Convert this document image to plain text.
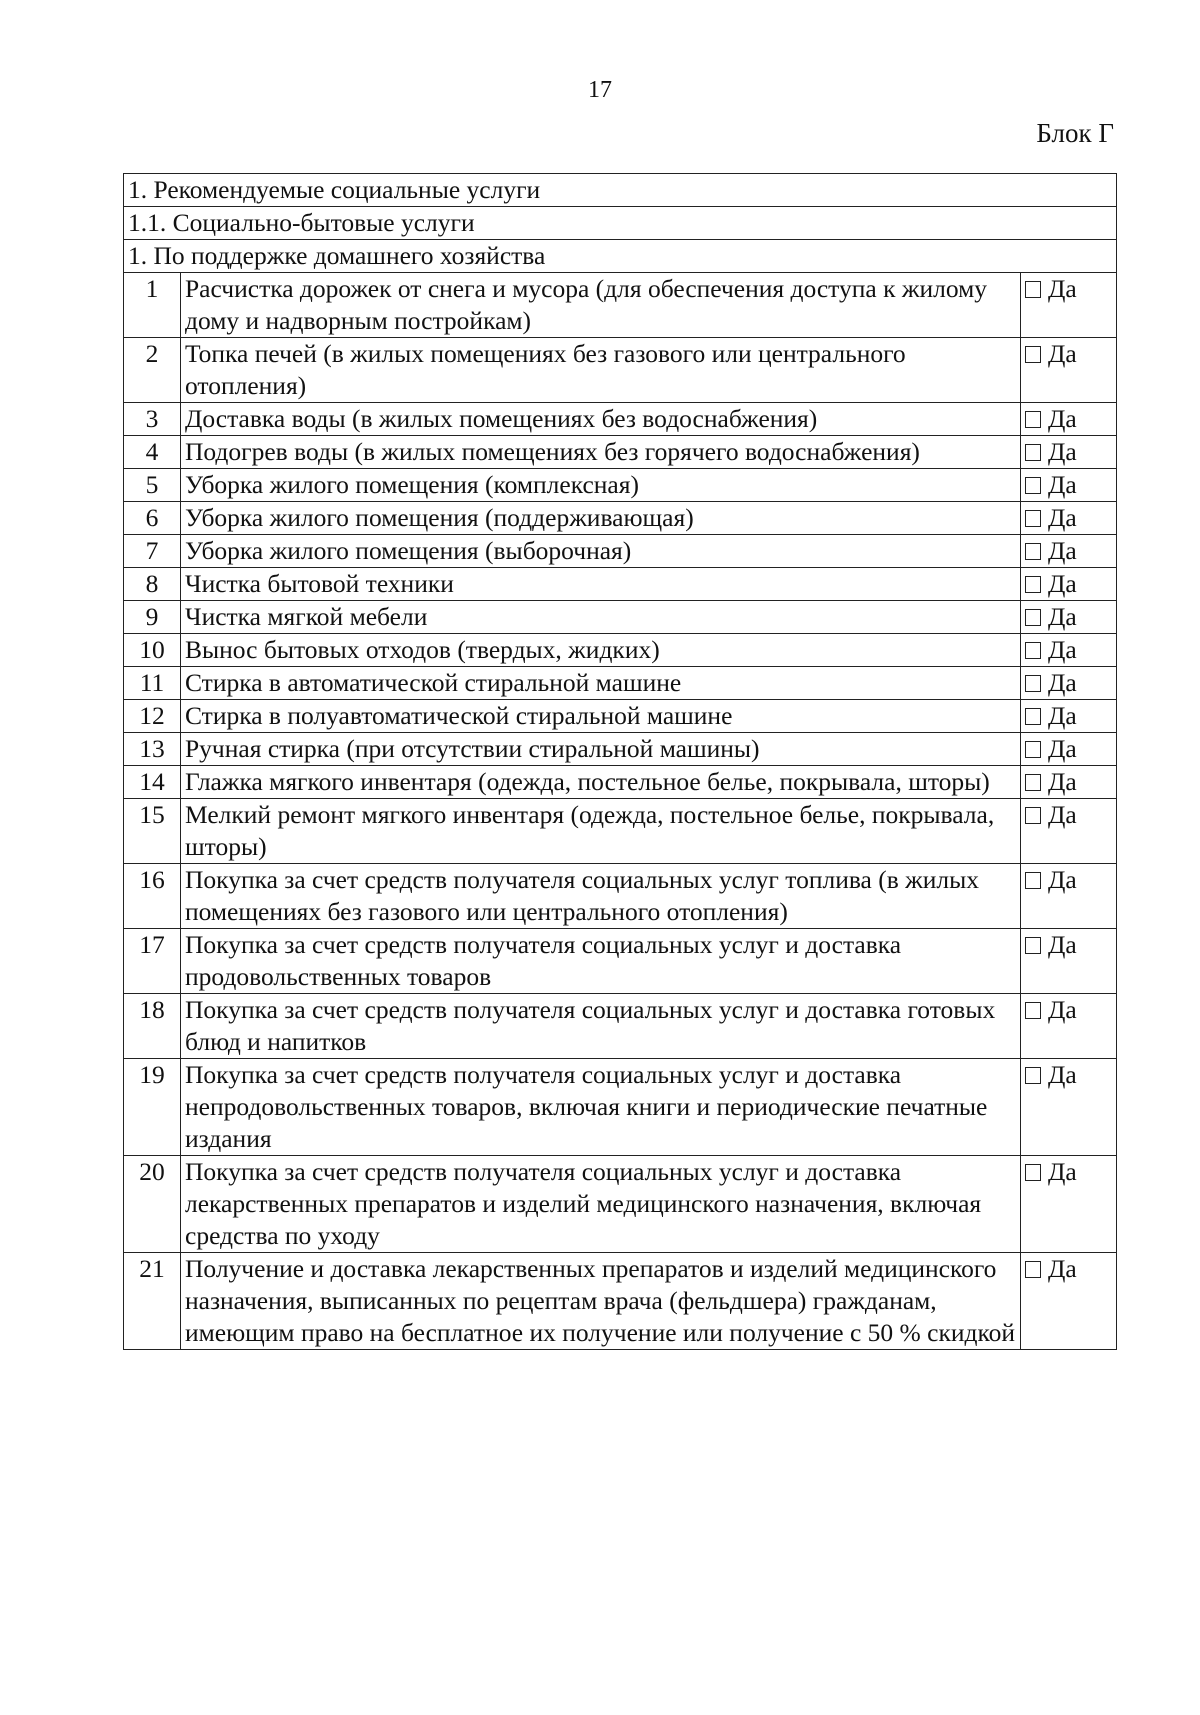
17
Блок Г
1. Рекомендуемые социальные услуги		
1.1. Социально-бытовые услуги		
1. По поддержке домашнего хозяйства		
1	Расчистка дорожек от снега и мусора (для обеспечения доступа к жилому дому и надворным постройкам)	Да
2	Топка печей (в жилых помещениях без газового или центрального отопления)	Да
3	Доставка воды (в жилых помещениях без водоснабжения)	Да
4	Подогрев воды (в жилых помещениях без горячего водоснабжения)	Да
5	Уборка жилого помещения (комплексная)	Да
6	Уборка жилого помещения (поддерживающая)	Да
7	Уборка жилого помещения (выборочная)	Да
8	Чистка бытовой техники	Да
9	Чистка мягкой мебели	Да
10	Вынос бытовых отходов (твердых, жидких)	Да
11	Стирка в автоматической стиральной машине	Да
12	Стирка в полуавтоматической стиральной машине	Да
13	Ручная стирка (при отсутствии стиральной машины)	Да
14	Глажка мягкого инвентаря (одежда, постельное белье, покрывала, шторы)	Да
15	Мелкий ремонт мягкого инвентаря (одежда, постельное белье, покрывала, шторы)	Да
16	Покупка за счет средств получателя социальных услуг топлива (в жилых помещениях без газового или центрального отопления)	Да
17	Покупка за счет средств получателя социальных услуг и доставка продовольственных товаров	Да
18	Покупка за счет средств получателя социальных услуг и доставка готовых блюд и напитков	Да
19	Покупка за счет средств получателя социальных услуг и доставка непродовольственных товаров, включая книги и периодические печатные издания	Да
20	Покупка за счет средств получателя социальных услуг и доставка лекарственных препаратов и изделий медицинского назначения, включая средства по уходу	Да
21	Получение и доставка лекарственных препаратов и изделий медицинского назначения, выписанных по рецептам врача (фельдшера) гражданам, имеющим право на бесплатное их получение или получение с 50 % скидкой	Да
